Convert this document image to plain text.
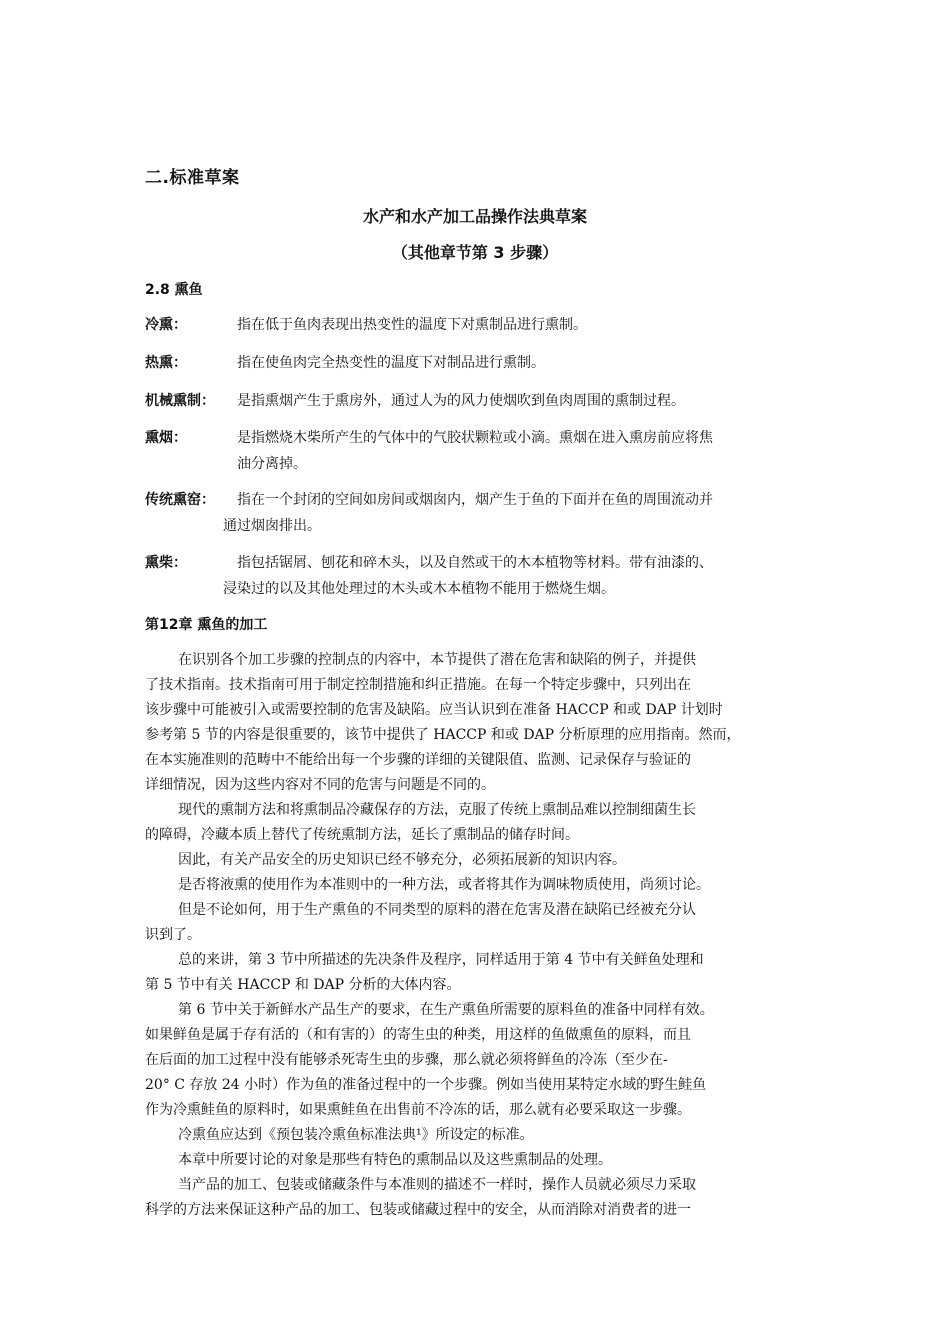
二.标准草案
水产和水产加工品操作法典草案
（其他章节第 3 步骤）
2.8 熏鱼
冷熏：	指在低于鱼肉表现出热变性的温度下对熏制品进行熏制。
热熏：	指在使鱼肉完全热变性的温度下对制品进行熏制。
机械熏制： 是指熏烟产生于熏房外，通过人为的风力使烟吹到鱼肉周围的熏制过程。
熏烟：	是指燃烧木柴所产生的气体中的气胶状颗粒或小滴。熏烟在进入熏房前应将焦
油分离掉。
传统熏窑： 指在一个封闭的空间如房间或烟囱内，烟产生于鱼的下面并在鱼的周围流动并
通过烟囱排出。
熏柴：	指包括锯屑、刨花和碎木头，以及自然或干的木本植物等材料。带有油漆的、
浸染过的以及其他处理过的木头或木本植物不能用于燃烧生烟。
第12章 熏鱼的加工
在识别各个加工步骤的控制点的内容中，本节提供了潜在危害和缺陷的例子，并提供
了技术指南。技术指南可用于制定控制措施和纠正措施。在每一个特定步骤中，只列出在
该步骤中可能被引入或需要控制的危害及缺陷。应当认识到在准备 HACCP 和或 DAP 计划时
参考第 5 节的内容是很重要的，该节中提供了 HACCP 和或 DAP 分析原理的应用指南。然而，
在本实施准则的范畴中不能给出每一个步骤的详细的关键限值、监测、记录保存与验证的
详细情况，因为这些内容对不同的危害与问题是不同的。
现代的熏制方法和将熏制品冷藏保存的方法，克服了传统上熏制品难以控制细菌生长
的障碍，冷藏本质上替代了传统熏制方法，延长了熏制品的储存时间。
因此，有关产品安全的历史知识已经不够充分，必须拓展新的知识内容。
是否将液熏的使用作为本准则中的一种方法，或者将其作为调味物质使用，尚须讨论。
但是不论如何，用于生产熏鱼的不同类型的原料的潜在危害及潜在缺陷已经被充分认
识到了。
总的来讲，第 3 节中所描述的先决条件及程序，同样适用于第 4 节中有关鲜鱼处理和
第 5 节中有关 HACCP 和 DAP 分析的大体内容。
第 6 节中关于新鲜水产品生产的要求，在生产熏鱼所需要的原料鱼的准备中同样有效。
如果鲜鱼是属于存有活的（和有害的）的寄生虫的种类，用这样的鱼做熏鱼的原料，而且
在后面的加工过程中没有能够杀死寄生虫的步骤，那么就必须将鲜鱼的冷冻（至少在-
20° C 存放 24 小时）作为鱼的准备过程中的一个步骤。例如当使用某特定水域的野生鲑鱼
作为冷熏鲑鱼的原料时，如果熏鲑鱼在出售前不冷冻的话，那么就有必要采取这一步骤。
冷熏鱼应达到《预包装冷熏鱼标准法典¹》所设定的标准。
本章中所要讨论的对象是那些有特色的熏制品以及这些熏制品的处理。
当产品的加工、包装或储藏条件与本准则的描述不一样时，操作人员就必须尽力采取
科学的方法来保证这种产品的加工、包装或储藏过程中的安全，从而消除对消费者的进一
